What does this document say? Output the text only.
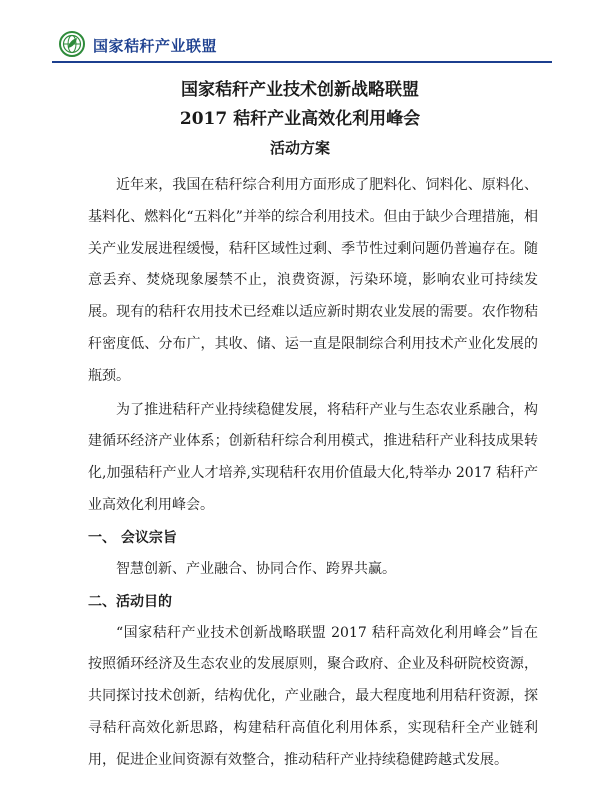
国家秸秆产业联盟
国家秸秆产业技术创新战略联盟
2017 秸秆产业高效化利用峰会
活动方案

近年来，我国在秸秆综合利用方面形成了肥料化、饲料化、原料化、基料化、燃料化“五料化”并举的综合利用技术。但由于缺少合理措施，相关产业发展进程缓慢，秸秆区域性过剩、季节性过剩问题仍普遍存在。随意丢弃、焚烧现象屡禁不止，浪费资源，污染环境，影响农业可持续发展。现有的秸秆农用技术已经难以适应新时期农业发展的需要。农作物秸秆密度低、分布广，其收、储、运一直是限制综合利用技术产业化发展的瓶颈。

为了推进秸秆产业持续稳健发展，将秸秆产业与生态农业系融合，构建循环经济产业体系；创新秸秆综合利用模式，推进秸秆产业科技成果转化,加强秸秆产业人才培养,实现秸秆农用价值最大化,特举办 2017 秸秆产业高效化利用峰会。

一、 会议宗旨

智慧创新、产业融合、协同合作、跨界共赢。

二、活动目的

“国家秸秆产业技术创新战略联盟 2017 秸秆高效化利用峰会”旨在按照循环经济及生态农业的发展原则，聚合政府、企业及科研院校资源，共同探讨技术创新，结构优化，产业融合，最大程度地利用秸秆资源，探寻秸秆高效化新思路，构建秸秆高值化利用体系，实现秸秆全产业链利用，促进企业间资源有效整合，推动秸秆产业持续稳健跨越式发展。
